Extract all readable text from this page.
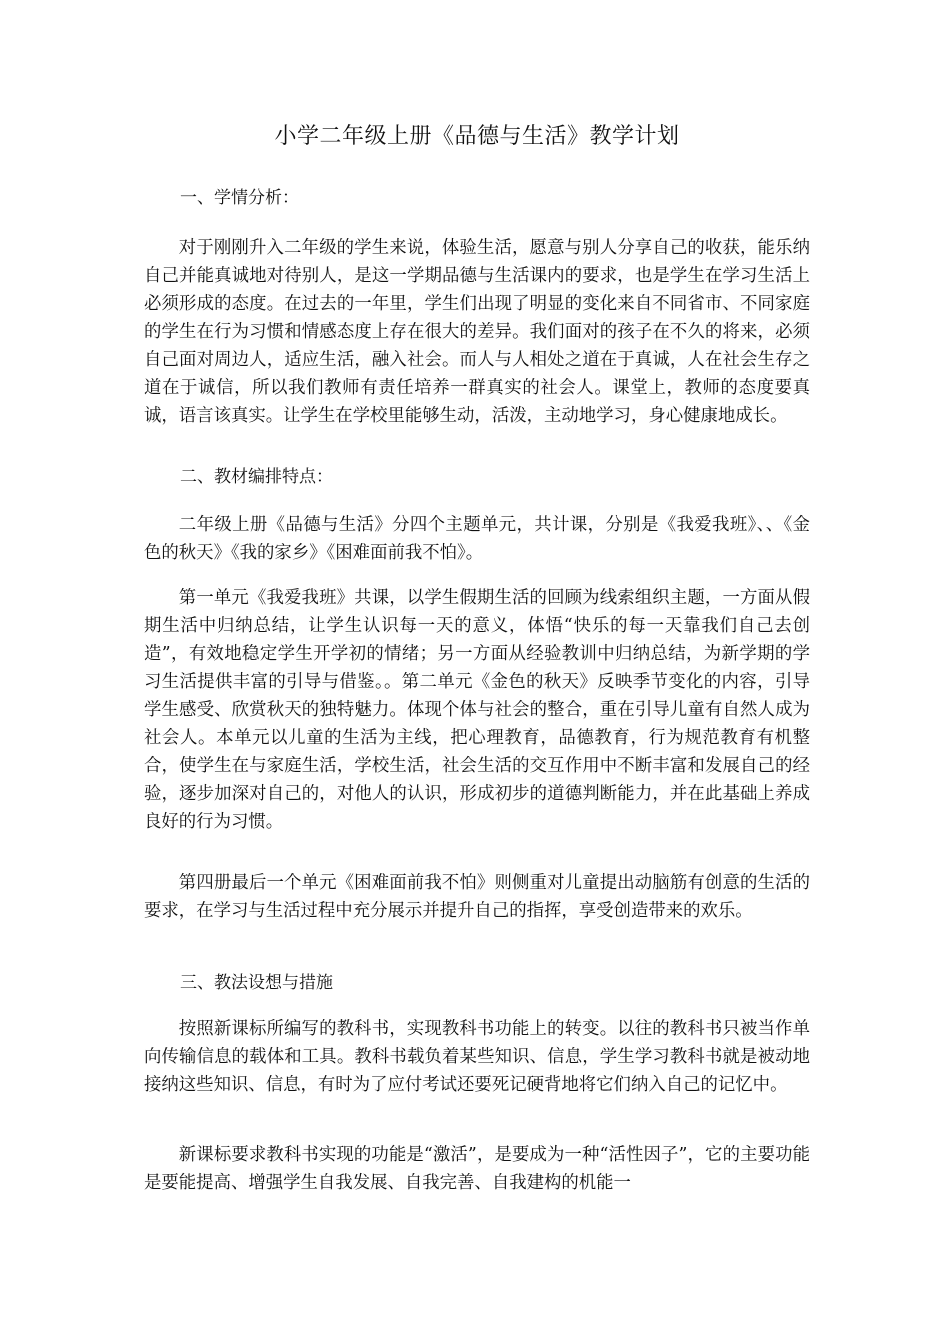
小学二年级上册《品德与生活》教学计划
一、学情分析：

对于刚刚升入二年级的学生来说，体验生活，愿意与别人分享自己的收获，能乐纳自己并能真诚地对待别人，是这一学期品德与生活课内的要求，也是学生在学习生活上必须形成的态度。在过去的一年里，学生们出现了明显的变化来自不同省市、不同家庭的学生在行为习惯和情感态度上存在很大的差异。我们面对的孩子在不久的将来，必须自己面对周边人，适应生活，融入社会。而人与人相处之道在于真诚，人在社会生存之道在于诚信，所以我们教师有责任培养一群真实的社会人。课堂上，教师的态度要真诚，语言该真实。让学生在学校里能够生动，活泼，主动地学习，身心健康地成长。

二、教材编排特点：

二年级上册《品德与生活》分四个主题单元，共计课，分别是《我爱我班》、、《金色的秋天》《我的家乡》《困难面前我不怕》。

第一单元《我爱我班》共课，以学生假期生活的回顾为线索组织主题，一方面从假期生活中归纳总结，让学生认识每一天的意义，体悟“快乐的每一天靠我们自己去创造”，有效地稳定学生开学初的情绪；另一方面从经验教训中归纳总结，为新学期的学习生活提供丰富的引导与借鉴。。第二单元《金色的秋天》反映季节变化的内容，引导学生感受、欣赏秋天的独特魅力。体现个体与社会的整合，重在引导儿童有自然人成为社会人。本单元以儿童的生活为主线，把心理教育，品德教育，行为规范教育有机整合，使学生在与家庭生活，学校生活，社会生活的交互作用中不断丰富和发展自己的经验，逐步加深对自己的，对他人的认识，形成初步的道德判断能力，并在此基础上养成良好的行为习惯。

第四册最后一个单元《困难面前我不怕》则侧重对儿童提出动脑筋有创意的生活的要求，在学习与生活过程中充分展示并提升自己的指挥，享受创造带来的欢乐。

三、教法设想与措施

按照新课标所编写的教科书，实现教科书功能上的转变。以往的教科书只被当作单向传输信息的载体和工具。教科书载负着某些知识、信息，学生学习教科书就是被动地接纳这些知识、信息，有时为了应付考试还要死记硬背地将它们纳入自己的记忆中。

新课标要求教科书实现的功能是“激活”，是要成为一种“活性因子”，它的主要功能是要能提高、增强学生自我发展、自我完善、自我建构的机能一
